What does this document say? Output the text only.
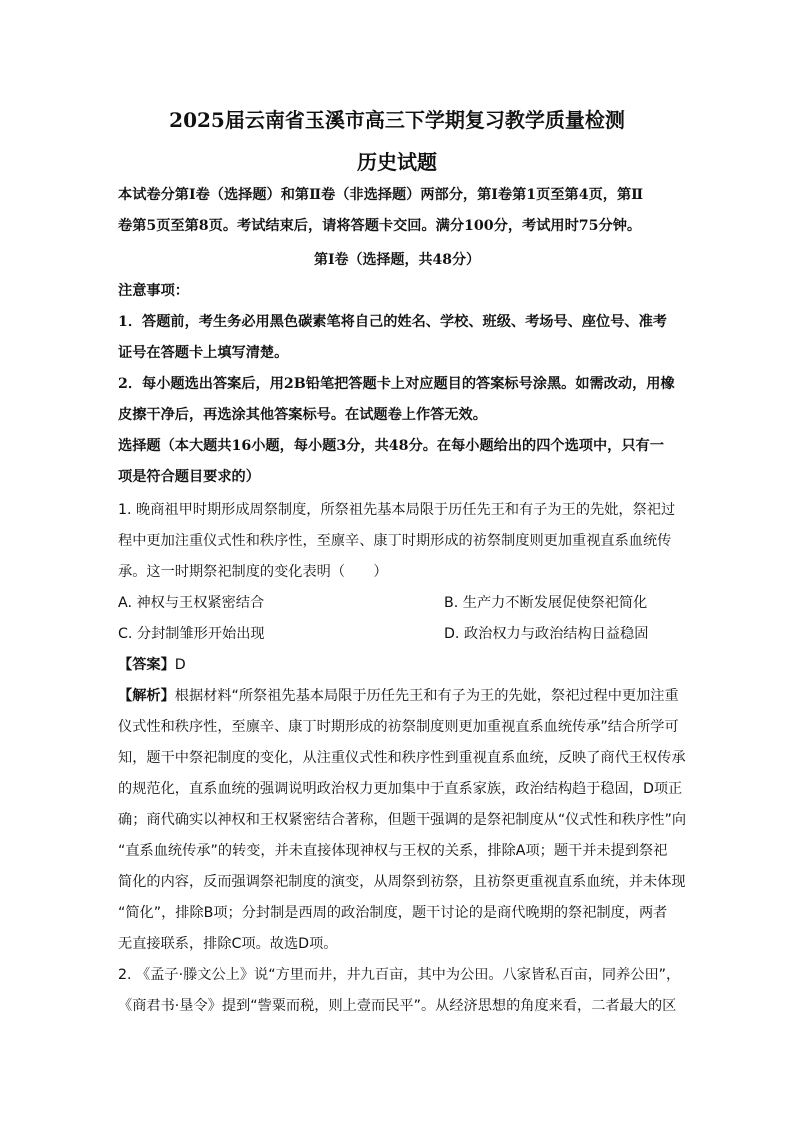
2025届云南省玉溪市高三下学期复习教学质量检测
历史试题
本试卷分第Ⅰ卷（选择题）和第Ⅱ卷（非选择题）两部分，第Ⅰ卷第1页至第4页，第Ⅱ
卷第5页至第8页。考试结束后，请将答题卡交回。满分100分，考试用时75分钟。
第Ⅰ卷（选择题，共48分）
注意事项：
1．答题前，考生务必用黑色碳素笔将自己的姓名、学校、班级、考场号、座位号、准考
证号在答题卡上填写清楚。
2．每小题选出答案后，用2B铅笔把答题卡上对应题目的答案标号涂黑。如需改动，用橡
皮擦干净后，再选涂其他答案标号。在试题卷上作答无效。
选择题（本大题共16小题，每小题3分，共48分。在每小题给出的四个选项中，只有一
项是符合题目要求的）
1. 晚商祖甲时期形成周祭制度，所祭祖先基本局限于历任先王和有子为王的先妣，祭祀过
程中更加注重仪式性和秩序性，至廪辛、康丁时期形成的祊祭制度则更加重视直系血统传
承。这一时期祭祀制度的变化表明（　　）
A. 神权与王权紧密结合	B. 生产力不断发展促使祭祀简化
C. 分封制雏形开始出现	D. 政治权力与政治结构日益稳固
【答案】D
【解析】根据材料“所祭祖先基本局限于历任先王和有子为王的先妣，祭祀过程中更加注重
仪式性和秩序性，至廪辛、康丁时期形成的祊祭制度则更加重视直系血统传承”结合所学可
知，题干中祭祀制度的变化，从注重仪式性和秩序性到重视直系血统，反映了商代王权传承
的规范化，直系血统的强调说明政治权力更加集中于直系家族，政治结构趋于稳固，D项正
确；商代确实以神权和王权紧密结合著称，但题干强调的是祭祀制度从“仪式性和秩序性”向
“直系血统传承”的转变，并未直接体现神权与王权的关系，排除A项；题干并未提到祭祀
简化的内容，反而强调祭祀制度的演变，从周祭到祊祭，且祊祭更重视直系血统，并未体现
“简化”，排除B项；分封制是西周的政治制度，题干讨论的是商代晚期的祭祀制度，两者
无直接联系，排除C项。故选D项。
2. 《孟子·滕文公上》说“方里而井，井九百亩，其中为公田。八家皆私百亩，同养公田”，
《商君书·垦令》提到“訾粟而税，则上壹而民平”。从经济思想的角度来看，二者最大的区
